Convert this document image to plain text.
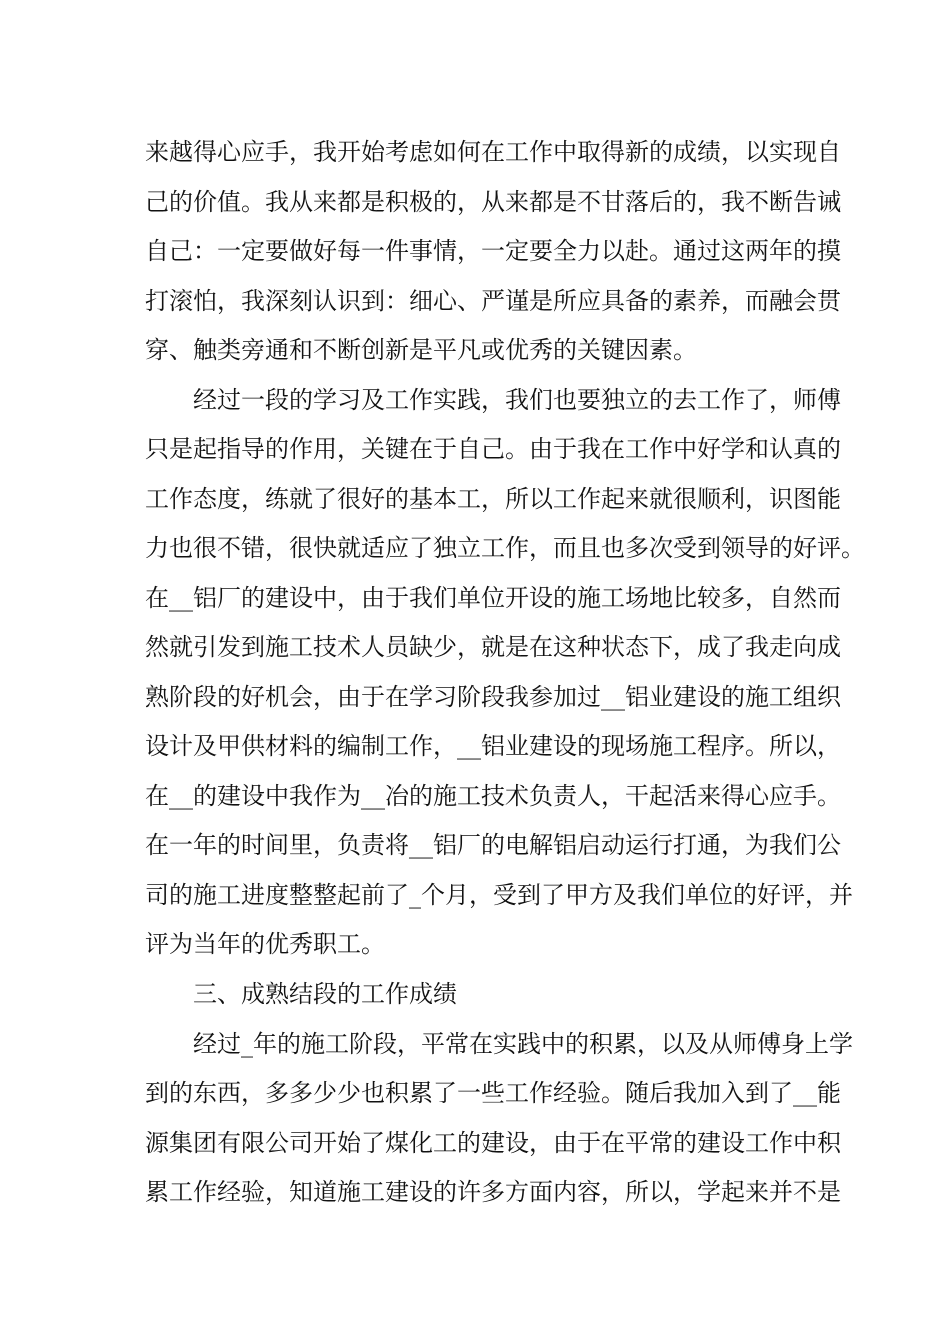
来越得心应手，我开始考虑如何在工作中取得新的成绩，以实现自
己的价值。我从来都是积极的，从来都是不甘落后的，我不断告诫
自己：一定要做好每一件事情，一定要全力以赴。通过这两年的摸
打滚怕，我深刻认识到：细心、严谨是所应具备的素养，而融会贯
穿、触类旁通和不断创新是平凡或优秀的关键因素。
经过一段的学习及工作实践，我们也要独立的去工作了，师傅
只是起指导的作用，关键在于自己。由于我在工作中好学和认真的
工作态度，练就了很好的基本工，所以工作起来就很顺利，识图能
力也很不错，很快就适应了独立工作，而且也多次受到领导的好评。
在__铝厂的建设中，由于我们单位开设的施工场地比较多，自然而
然就引发到施工技术人员缺少，就是在这种状态下，成了我走向成
熟阶段的好机会，由于在学习阶段我参加过__铝业建设的施工组织
设计及甲供材料的编制工作，__铝业建设的现场施工程序。所以，
在__的建设中我作为__冶的施工技术负责人，干起活来得心应手。
在一年的时间里，负责将__铝厂的电解铝启动运行打通，为我们公
司的施工进度整整起前了_个月，受到了甲方及我们单位的好评，并
评为当年的优秀职工。
三、成熟结段的工作成绩
经过_年的施工阶段，平常在实践中的积累，以及从师傅身上学
到的东西，多多少少也积累了一些工作经验。随后我加入到了__能
源集团有限公司开始了煤化工的建设，由于在平常的建设工作中积
累工作经验，知道施工建设的许多方面内容，所以，学起来并不是
